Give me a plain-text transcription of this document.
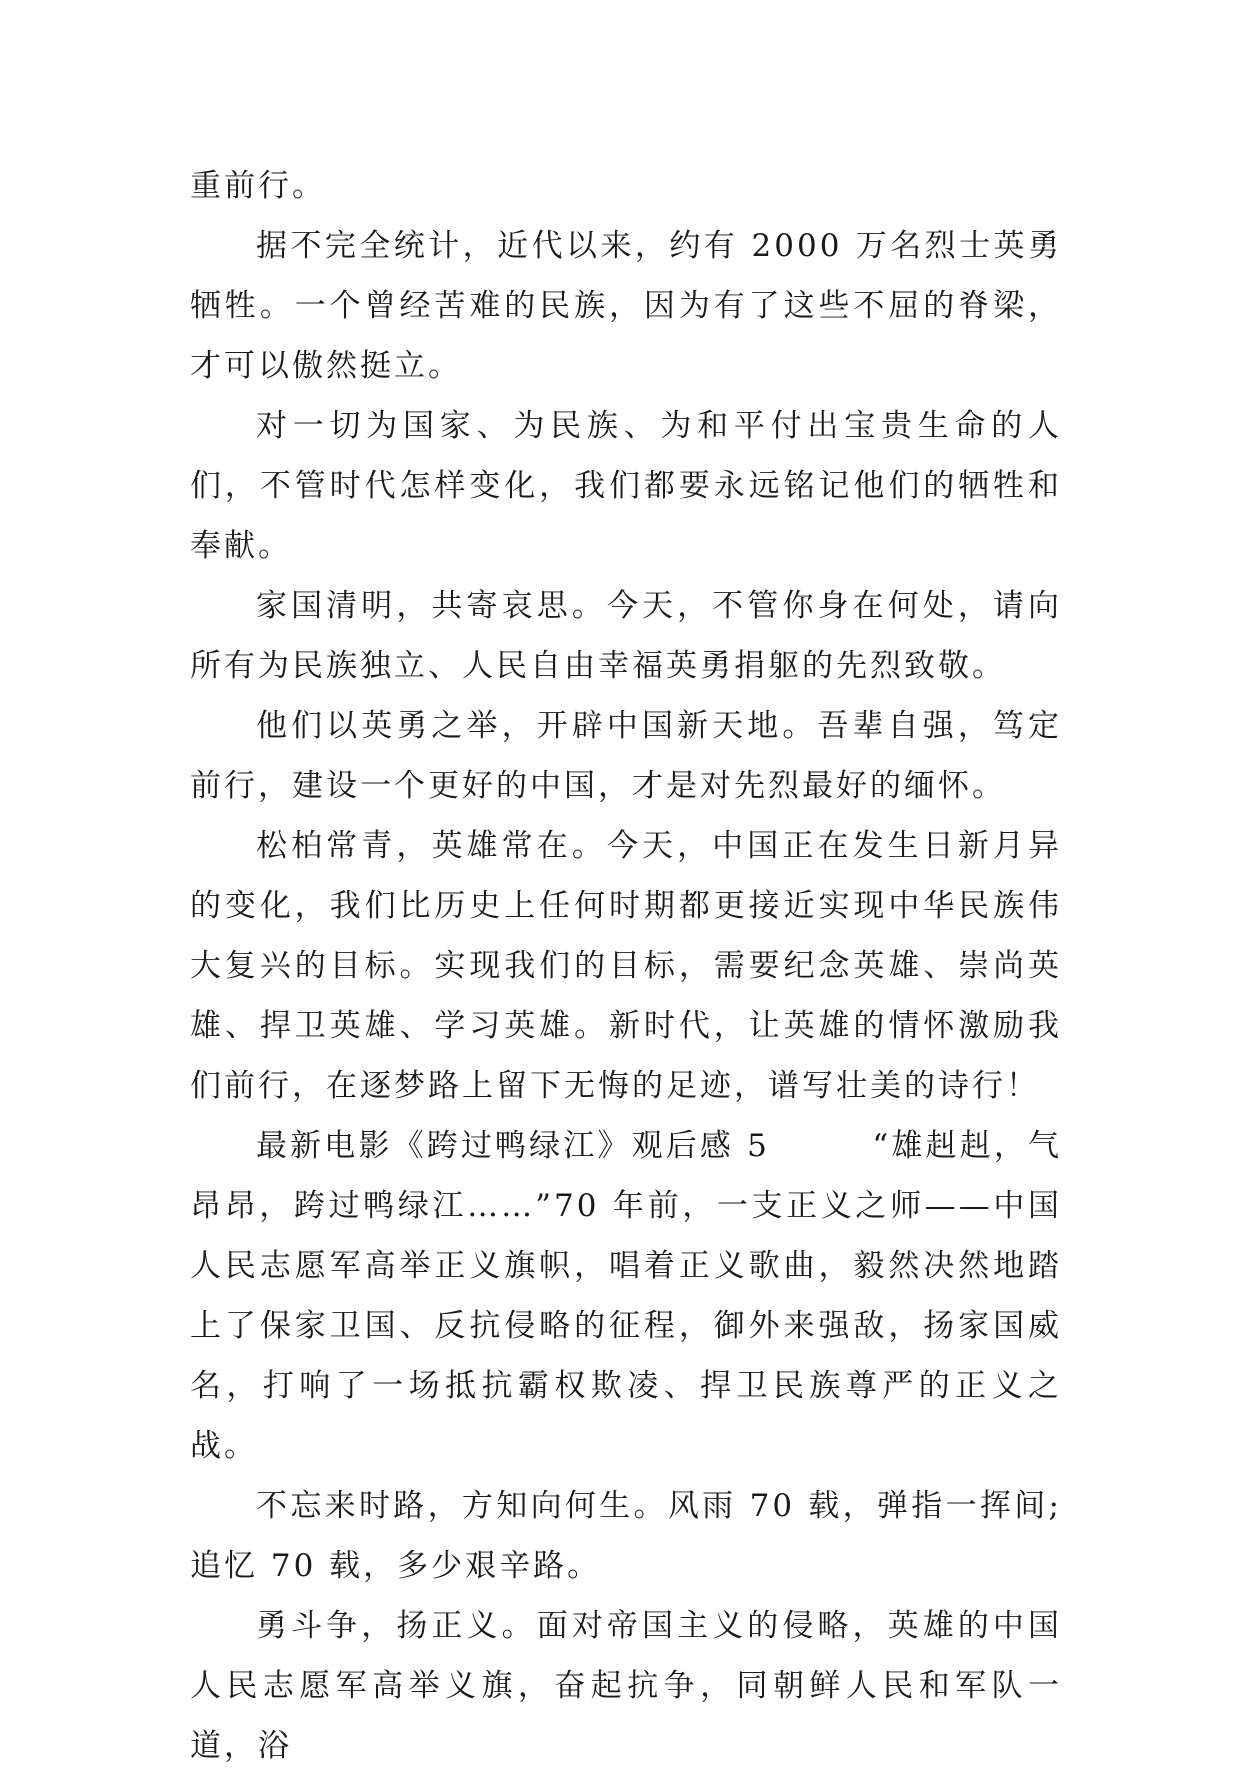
重前行。

据不完全统计，近代以来，约有 2000 万名烈士英勇牺牲。一个曾经苦难的民族，因为有了这些不屈的脊梁，才可以傲然挺立。

对一切为国家、为民族、为和平付出宝贵生命的人们，不管时代怎样变化，我们都要永远铭记他们的牺牲和奉献。

家国清明，共寄哀思。今天，不管你身在何处，请向所有为民族独立、人民自由幸福英勇捐躯的先烈致敬。

他们以英勇之举，开辟中国新天地。吾辈自强，笃定前行，建设一个更好的中国，才是对先烈最好的缅怀。

松柏常青，英雄常在。今天，中国正在发生日新月异的变化，我们比历史上任何时期都更接近实现中华民族伟大复兴的目标。实现我们的目标，需要纪念英雄、崇尚英雄、捍卫英雄、学习英雄。新时代，让英雄的情怀激励我们前行，在逐梦路上留下无悔的足迹，谱写壮美的诗行！

最新电影《跨过鸭绿江》观后感 5　　　“雄赳赳，气昂昂，跨过鸭绿江……”70 年前，一支正义之师——中国人民志愿军高举正义旗帜，唱着正义歌曲，毅然决然地踏上了保家卫国、反抗侵略的征程，御外来强敌，扬家国威名，打响了一场抵抗霸权欺凌、捍卫民族尊严的正义之战。

不忘来时路，方知向何生。风雨 70 载，弹指一挥间;追忆 70 载，多少艰辛路。

勇斗争，扬正义。面对帝国主义的侵略，英雄的中国人民志愿军高举义旗，奋起抗争，同朝鲜人民和军队一道，浴
